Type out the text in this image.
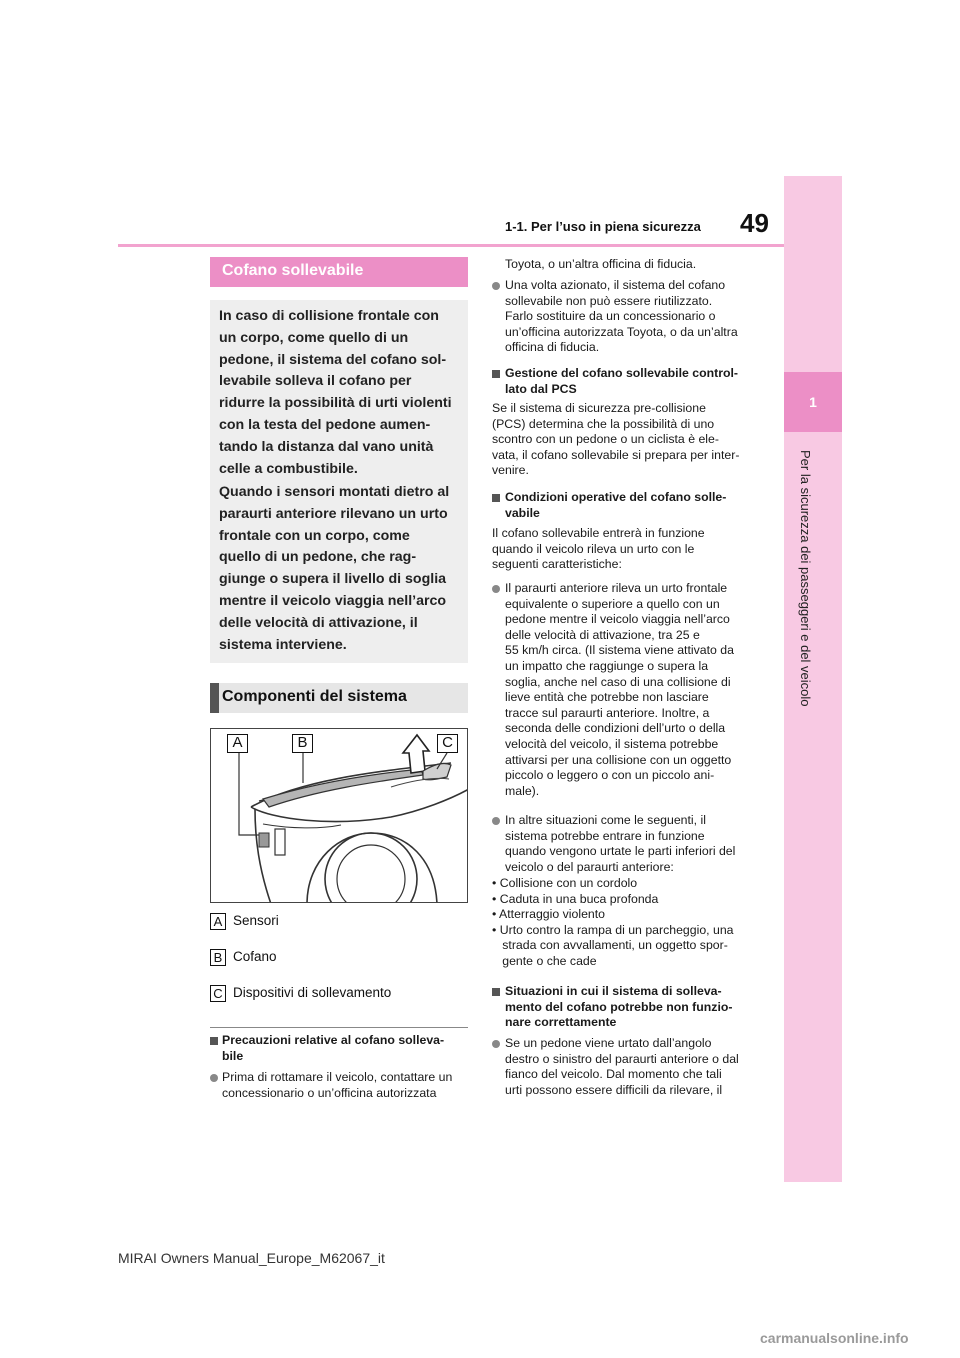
49
1-1. Per l’uso in piena sicurezza
1
Per la sicurezza dei passeggeri e del veicolo
Cofano sollevabile

In caso di collisione frontale con
un corpo, come quello di un
pedone, il sistema del cofano sol-
levabile solleva il cofano per
ridurre la possibilità di urti violenti
con la testa del pedone aumen-
tando la distanza dal vano unità
celle a combustibile.

Quando i sensori montati dietro al
paraurti anteriore rilevano un urto
frontale con un corpo, come
quello di un pedone, che rag-
giunge o supera il livello di soglia
mentre il veicolo viaggia nell’arco
delle velocità di attivazione, il
sistema interviene.

Componenti del sistema
A	B	C
A Sensori
B Cofano
C Dispositivi di sollevamento
Precauzioni relative al cofano solleva-
bile
Prima di rottamare il veicolo, contattare un
concessionario o un’officina autorizzata
Toyota, o un’altra officina di fiducia.
Una volta azionato, il sistema del cofano
sollevabile non può essere riutilizzato.
Farlo sostituire da un concessionario o
un’officina autorizzata Toyota, o da un’altra
officina di fiducia.
Gestione del cofano sollevabile control-
lato dal PCS
Se il sistema di sicurezza pre-collisione
(PCS) determina che la possibilità di uno
scontro con un pedone o un ciclista è ele-
vata, il cofano sollevabile si prepara per inter-
venire.
Condizioni operative del cofano solle-
vabile
Il cofano sollevabile entrerà in funzione
quando il veicolo rileva un urto con le
seguenti caratteristiche:
Il paraurti anteriore rileva un urto frontale
equivalente o superiore a quello con un
pedone mentre il veicolo viaggia nell’arco
delle velocità di attivazione, tra 25 e
55 km/h circa. (Il sistema viene attivato da
un impatto che raggiunge o supera la
soglia, anche nel caso di una collisione di
lieve entità che potrebbe non lasciare
tracce sul paraurti anteriore. Inoltre, a
seconda delle condizioni dell’urto o della
velocità del veicolo, il sistema potrebbe
attivarsi per una collisione con un oggetto
piccolo o leggero o con un piccolo ani-
male).
In altre situazioni come le seguenti, il
sistema potrebbe entrare in funzione
quando vengono urtate le parti inferiori del
veicolo o del paraurti anteriore:
• Collisione con un cordolo
• Caduta in una buca profonda
• Atterraggio violento
• Urto contro la rampa di un parcheggio, una
strada con avvallamenti, un oggetto spor-
gente o che cade
Situazioni in cui il sistema di solleva-
mento del cofano potrebbe non funzio-
nare correttamente
Se un pedone viene urtato dall’angolo
destro o sinistro del paraurti anteriore o dal
fianco del veicolo. Dal momento che tali
urti possono essere difficili da rilevare, il
MIRAI Owners Manual_Europe_M62067_it
carmanualsonline.info
